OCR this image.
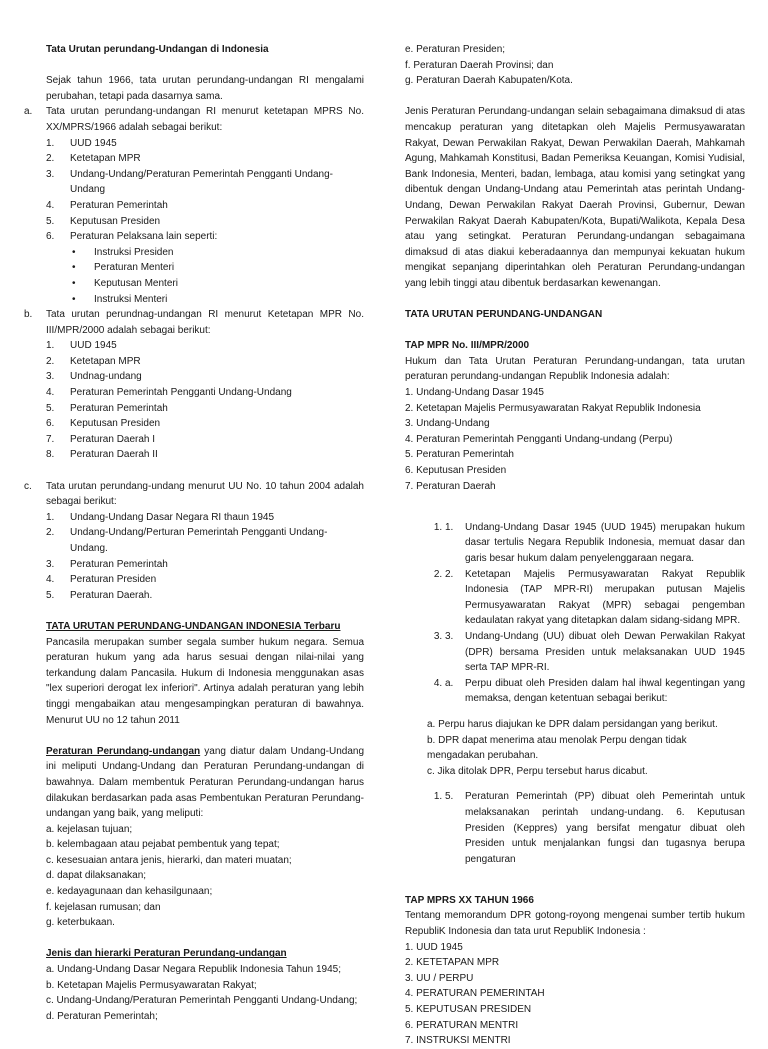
Tata Urutan perundang-Undangan di Indonesia

Sejak tahun 1966, tata urutan perundang-undangan RI mengalami perubahan, tetapi pada dasarnya sama.

a. Tata urutan perundang-undangan RI menurut ketetapan MPRS No. XX/MPRS/1966 adalah sebagai berikut:
1. UUD 1945
2. Ketetapan MPR
3. Undang-Undang/Peraturan Pemerintah Pengganti Undang-Undang
4. Peraturan Pemerintah
5. Keputusan Presiden
6. Peraturan Pelaksana lain seperti:
• Instruksi Presiden
• Peraturan Menteri
• Keputusan Menteri
• Instruksi Menteri
b. Tata urutan perundnag-undangan RI menurut Ketetapan MPR No. III/MPR/2000 adalah sebagai berikut:
1. UUD 1945
2. Ketetapan MPR
3. Undnag-undang
4. Peraturan Pemerintah Pengganti Undang-Undang
5. Peraturan Pemerintah
6. Keputusan Presiden
7. Peraturan Daerah I
8. Peraturan Daerah II
c. Tata urutan perundang-undang menurut UU No. 10 tahun 2004 adalah sebagai berikut:
1. Undang-Undang Dasar Negara RI thaun 1945
2. Undang-Undang/Perturan Pemerintah Pengganti Undang-Undang.
3. Peraturan Pemerintah
4. Peraturan Presiden
5. Peraturan Daerah.

TATA URUTAN PERUNDANG-UNDANGAN INDONESIA Terbaru

Pancasila merupakan sumber segala sumber hukum negara. Semua peraturan hukum yang ada harus sesuai dengan nilai-nilai yang terkandung dalam Pancasila. Hukum di Indonesia menggunakan asas "lex superiori derogat lex inferiori". Artinya adalah peraturan yang lebih tinggi mengabaikan atau mengesampingkan peraturan di bawahnya. Menurut UU no 12 tahun 2011

Peraturan Perundang-undangan yang diatur dalam Undang-Undang ini meliputi Undang-Undang dan Peraturan Perundang-undangan di bawahnya. Dalam membentuk Peraturan Perundang-undangan harus dilakukan berdasarkan pada asas Pembentukan Peraturan Perundang-undangan yang baik, yang meliputi:

a. kejelasan tujuan;
b. kelembagaan atau pejabat pembentuk yang tepat;
c. kesesuaian antara jenis, hierarki, dan materi muatan;
d. dapat dilaksanakan;
e. kedayagunaan dan kehasilgunaan;
f. kejelasan rumusan; dan
g. keterbukaan.

Jenis dan hierarki Peraturan Perundang-undangan

a. Undang-Undang Dasar Negara Republik Indonesia Tahun 1945;
b. Ketetapan Majelis Permusyawaratan Rakyat;
c. Undang-Undang/Peraturan Pemerintah Pengganti Undang-Undang;
d. Peraturan Pemerintah;
e. Peraturan Presiden;
f. Peraturan Daerah Provinsi; dan
g. Peraturan Daerah Kabupaten/Kota.

Jenis Peraturan Perundang-undangan selain sebagaimana dimaksud di atas mencakup peraturan yang ditetapkan oleh Majelis Permusyawaratan Rakyat, Dewan Perwakilan Rakyat, Dewan Perwakilan Daerah, Mahkamah Agung, Mahkamah Konstitusi, Badan Pemeriksa Keuangan, Komisi Yudisial, Bank Indonesia, Menteri, badan, lembaga, atau komisi yang setingkat yang dibentuk dengan Undang-Undang atau Pemerintah atas perintah Undang-Undang, Dewan Perwakilan Rakyat Daerah Provinsi, Gubernur, Dewan Perwakilan Rakyat Daerah Kabupaten/Kota, Bupati/Walikota, Kepala Desa atau yang setingkat. Peraturan Perundang-undangan sebagaimana dimaksud di atas diakui keberadaannya dan mempunyai kekuatan hukum mengikat sepanjang diperintahkan oleh Peraturan Perundang-undangan yang lebih tinggi atau dibentuk berdasarkan kewenangan.

TATA URUTAN PERUNDANG-UNDANGAN

TAP MPR No. III/MPR/2000

Hukum dan Tata Urutan Peraturan Perundang-undangan, tata urutan peraturan perundang-undangan Republik Indonesia adalah:

1. Undang-Undang Dasar 1945
2. Ketetapan Majelis Permusyawaratan Rakyat Republik Indonesia
3. Undang-Undang
4. Peraturan Pemerintah Pengganti Undang-undang (Perpu)
5. Peraturan Pemerintah
6. Keputusan Presiden
7. Peraturan Daerah
1. 1. Undang-Undang Dasar 1945 (UUD 1945) merupakan hukum dasar tertulis Negara Republik Indonesia, memuat dasar dan garis besar hukum dalam penyelenggaraan negara.
2. 2. Ketetapan Majelis Permusyawaratan Rakyat Republik Indonesia (TAP MPR-RI) merupakan putusan Majelis Permusyawaratan Rakyat (MPR) sebagai pengemban kedaulatan rakyat yang ditetapkan dalam sidang-sidang MPR.
3. 3. Undang-Undang (UU) dibuat oleh Dewan Perwakilan Rakyat (DPR) bersama Presiden untuk melaksanakan UUD 1945 serta TAP MPR-RI.
4. a. Perpu dibuat oleh Presiden dalam hal ihwal kegentingan yang memaksa, dengan ketentuan sebagai berikut:
a. Perpu harus diajukan ke DPR dalam persidangan yang berikut.
b. DPR dapat menerima atau menolak Perpu dengan tidak mengadakan perubahan.
c. Jika ditolak DPR, Perpu tersebut harus dicabut.
1. 5. Peraturan Pemerintah (PP) dibuat oleh Pemerintah untuk melaksanakan perintah undang-undang. 6. Keputusan Presiden (Keppres) yang bersifat mengatur dibuat oleh Presiden untuk menjalankan fungsi dan tugasnya berupa pengaturan

TAP MPRS XX TAHUN 1966

Tentang memorandum DPR gotong-royong mengenai sumber tertib hukum RepubliK Indonesia dan tata urut RepubliK Indonesia :

1. UUD 1945
2. KETETAPAN MPR
3. UU / PERPU
4. PERATURAN PEMERINTAH
5. KEPUTUSAN PRESIDEN
6. PERATURAN MENTRI
7. INSTRUKSI MENTRI
